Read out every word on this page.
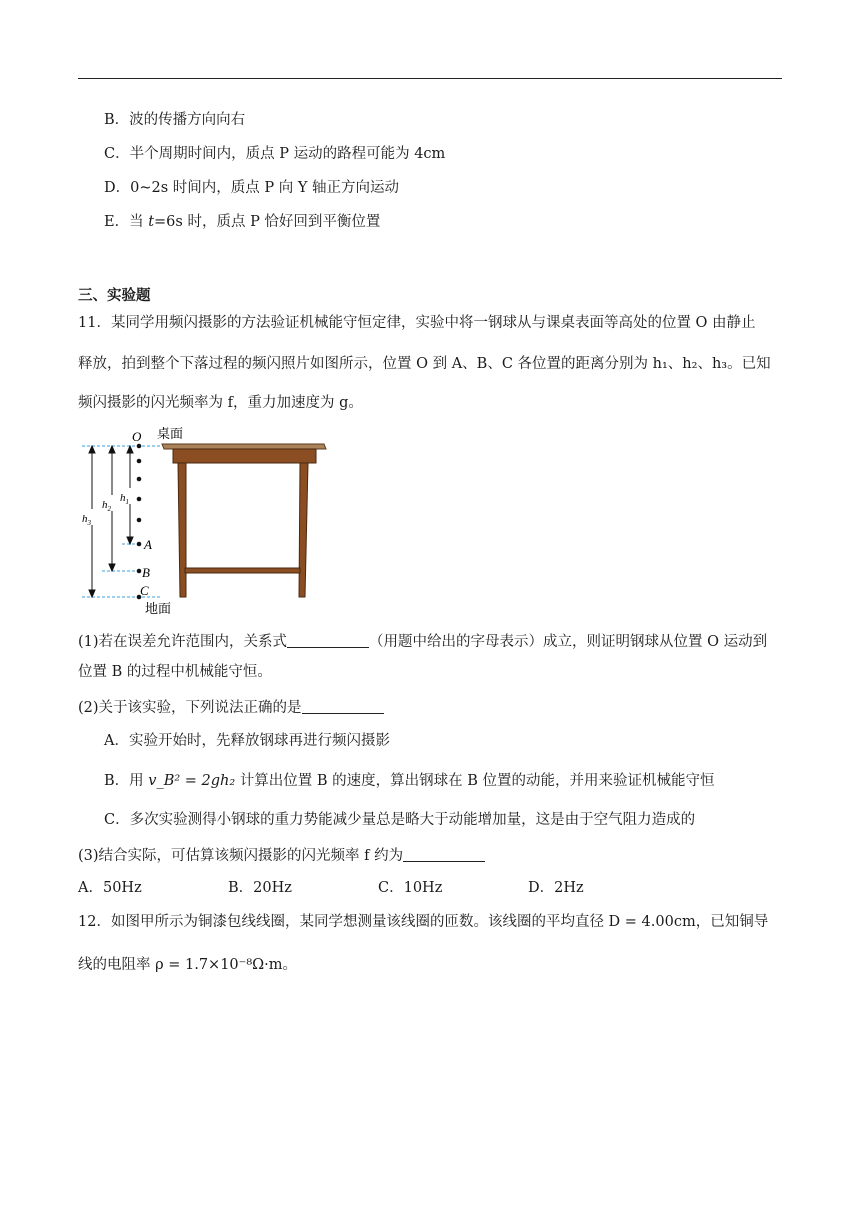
B．波的传播方向向右
C．半个周期时间内，质点 P 运动的路程可能为 4cm
D．0~2s 时间内，质点 P 向 Y 轴正方向运动
E．当 t=6s 时，质点 P 恰好回到平衡位置
三、实验题
11．某同学用频闪摄影的方法验证机械能守恒定律，实验中将一钢球从与课桌表面等高处的位置 O 由静止
释放，拍到整个下落过程的频闪照片如图所示，位置 O 到 A、B、C 各位置的距离分别为 h₁、h₂、h₃。已知
频闪摄影的闪光频率为 f，重力加速度为 g。
$h_3$
$h_2$
$h_1$
O
A
B
C
桌面
地面
(1)若在误差允许范围内，关系式	（用题中给出的字母表示）成立，则证明钢球从位置 O 运动到
位置 B 的过程中机械能守恒。
(2)关于该实验，下列说法正确的是
A．实验开始时，先释放钢球再进行频闪摄影
B．用 v_B² = 2gh₂ 计算出位置 B 的速度，算出钢球在 B 位置的动能，并用来验证机械能守恒
C．多次实验测得小钢球的重力势能减少量总是略大于动能增加量，这是由于空气阻力造成的
(3)结合实际，可估算该频闪摄影的闪光频率 f 约为
A．50Hz	B．20Hz	C．10Hz	D．2Hz
12．如图甲所示为铜漆包线线圈，某同学想测量该线圈的匝数。该线圈的平均直径 D = 4.00cm，已知铜导
线的电阻率 ρ = 1.7×10⁻⁸Ω·m。
